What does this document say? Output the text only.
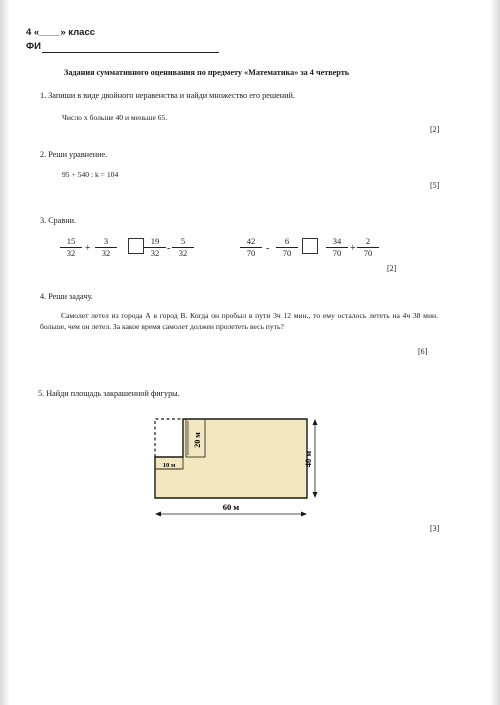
4 «____» класс
ФИ
Задания суммативного оценивания по предмету «Математика» за 4 четверть
1. Запиши в виде двойного неравенства и найди множество его решений.
Число х больше 40 и меньше 65.
[2]
2. Реши уравнение.
95 + 540 : k = 104
[5]
3. Сравни.
$\frac{15}{32} + \frac{3}{32}$	$\frac{19}{32} - \frac{5}{32}$	$\frac{42}{70} - \frac{6}{70}$	$\frac{34}{70} + \frac{2}{70}$
[2]
4. Реши задачу.
Самолет летел из города А в город В. Когда он пробыл в пути 3ч 12 мин., то ему осталось лететь на 4ч 38 мин. больше, чем он летел. За какое время самолет должен пролететь весь путь?
[6]
5. Найди площадь закрашенной фигуры.
20 м
10 м	40 м
60 м
[3]
